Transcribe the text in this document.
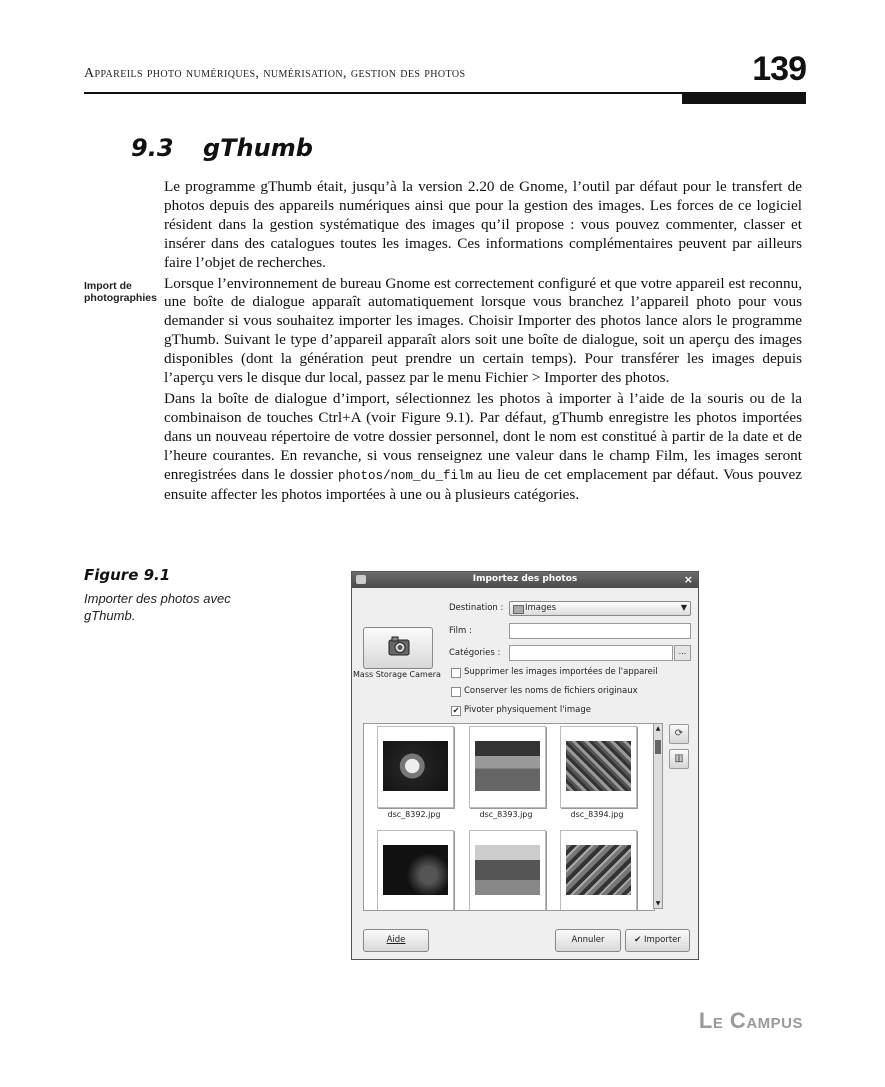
Appareils photo numériques, numérisation, gestion des photos	139
9.3 gThumb
Import de photographies

Le programme gThumb était, jusqu’à la version 2.20 de Gnome, l’outil par défaut pour le transfert de photos depuis des appareils numériques ainsi que pour la gestion des images. Les forces de ce logiciel résident dans la gestion systématique des images qu’il propose : vous pouvez commenter, classer et insérer dans des catalogues toutes les images. Ces informations complémentaires peuvent par ailleurs faire l’objet de recherches.

Lorsque l’environnement de bureau Gnome est correctement configuré et que votre appareil est reconnu, une boîte de dialogue apparaît automatiquement lorsque vous branchez l’appareil photo pour vous demander si vous souhaitez importer les images. Choisir Importer des photos lance alors le programme gThumb. Suivant le type d’appareil apparaît alors soit une boîte de dialogue, soit un aperçu des images disponibles (dont la génération peut prendre un certain temps). Pour transférer les images depuis l’aperçu vers le disque dur local, passez par le menu Fichier > Importer des photos.

Dans la boîte de dialogue d’import, sélectionnez les photos à importer à l’aide de la souris ou de la combinaison de touches Ctrl+A (voir Figure 9.1). Par défaut, gThumb enregistre les photos importées dans un nouveau répertoire de votre dossier personnel, dont le nom est constitué à partir de la date et de l’heure courantes. En revanche, si vous renseignez une valeur dans le champ Film, les images seront enregistrées dans le dossier photos/nom_du_film au lieu de cet emplacement par défaut. Vous pouvez ensuite affecter les photos importées à une ou à plusieurs catégories.

Figure 9.1
Importer des photos avec gThumb.
Importez des photos	×
Mass Storage Camera
Destination :	Images	▼
Film :
Catégories :	...
Supprimer les images importées de l'appareil
Conserver les noms de fichiers originaux
✔ Pivoter physiquement l'image
dsc_8392.jpg	dsc_8393.jpg	dsc_8394.jpg
▲
▼
⟳
▥
Aide	Annuler	✔ Importer
Le Campus
